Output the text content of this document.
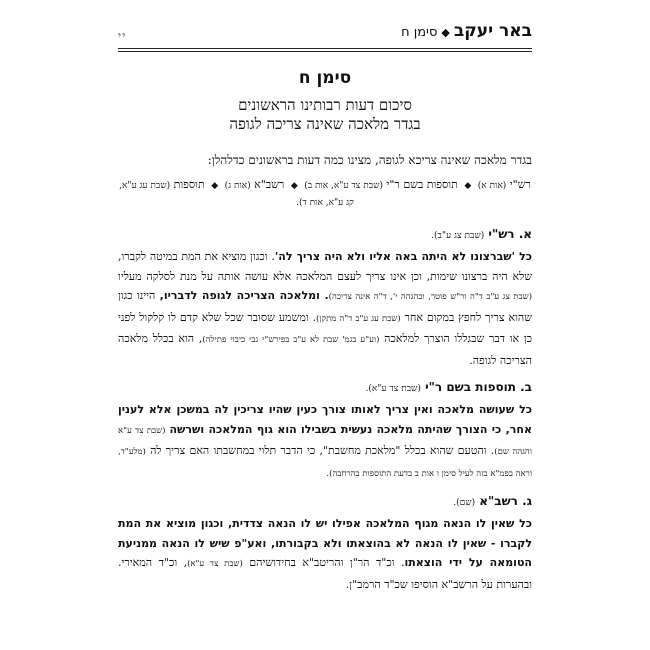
באר יעקב◆סימן ח
יי
סימן ח
סיכום דעות רבותינו הראשונים
בגדר מלאכה שאינה צריכה לגופה
בגדר מלאכה שאינה צריכא לגופה, מצינו כמה דעות בראשונים כדלהלן:
רש"י (אות א) ◆ תוספות בשם ר"י (שבת צד ע"א, אות ב) ◆ רשב"א (אות ג) ◆ תוספות (שבת עג ע"א, קג ע"א, אות ד).
א. רש"י (שבת צג ע"ב).

כל 'שברצונו לא היתה באה אליו ולא היה צריך לה'. וכגון מוציא את המת במיטה לקברו, שלא היה ברצונו שימות, וכן אינו צריך לעצם המלאכה אלא עושה אותה על מנת לסלקה מעליו (שבת צג ע"ב ד"ה ור"ש פוטר, ובהגהה י', ד"ה אינה צריכה). ומלאכה הצריכה לגופה לדבריו, היינו כגון שהוא צריך לחפץ במקום אחר (שבת עג ע"ב ד"ה מתקן). ומשמע שסובר שכל שלא קדם לו קלקול לפני כן או דבר שבגללו הוצרך למלאכה (וע"ע בגמ' שבת לא ע"ב בפירש"י גבי כיבוי פתילה), הוא בכלל מלאכה הצריכה לגופה.

ב. תוספות בשם ר"י (שבת צד ע"א).

כל שעושה מלאכה ואין צריך לאותו צורך כעין שהיו צריכין לה במשכן אלא לענין אחר, כי הצורך שהיתה מלאכה נעשית בשבילו הוא גוף המלאכה ושרשה (שבת צד ע"א והגהה שם). והטעם שהוא בכלל "מלאכת מחשבת", כי הדבר תלוי במחשבתו האם צריך לה (מלע"ד, וראה בפמ"א בזה לעיל סימן ו אות ב בדעת התוספות בהרחבה).

ג. רשב"א (שם).

כל שאין לו הנאה מגוף המלאכה אפילו יש לו הנאה צדדית, וכגון מוציא את המת לקברו - שאין לו הנאה לא בהוצאתו ולא בקבורתו, ואע"פ שיש לו הנאה ממניעת הטומאה על ידי הוצאתו. וכ"ד הר"ן והריטב"א בחידושיהם (שבת צד ע"א), וכ"ד המאירי. ובהערות על הרשב"א הוסיפו שכ"ד הרמב"ן.
